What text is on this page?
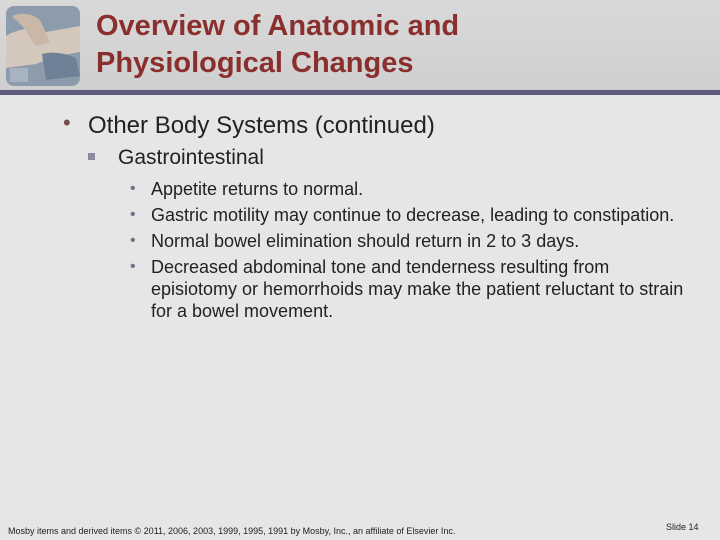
Overview of Anatomic and
Physiological Changes
• Other Body Systems (continued)
Gastrointestinal
• Appetite returns to normal.
• Gastric motility may continue to decrease, leading to constipation.
• Normal bowel elimination should return in 2 to 3 days.
• Decreased abdominal tone and tenderness resulting from episiotomy or hemorrhoids may make the patient reluctant to strain for a bowel movement.
Mosby items and derived items © 2011, 2006, 2003, 1999, 1995, 1991 by Mosby, Inc., an affiliate of Elsevier Inc.	Slide 14
